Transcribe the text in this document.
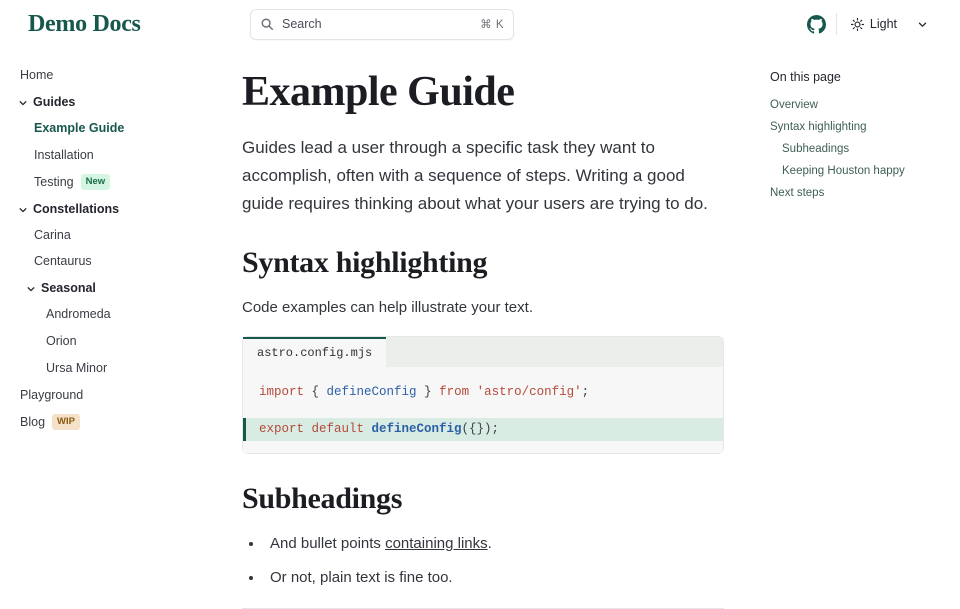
Demo Docs	Search	⌘ K	Light
Home
Guides
Example Guide
Installation
Testing	New
Constellations
Carina
Centaurus
Seasonal
Andromeda
Orion
Ursa Minor
Playground
Blog	WIP
Example Guide

Guides lead a user through a specific task they want to accomplish, often with a sequence of steps. Writing a good guide requires thinking about what your users are trying to do.

Syntax highlighting

Code examples can help illustrate your text.

astro.config.mjs
import { defineConfig } from 'astro/config';
export default defineConfig({});
Subheadings
• And bullet points containing links.
• Or not, plain text is fine too.
On this page
Overview
Syntax highlighting
Subheadings
Keeping Houston happy
Next steps
